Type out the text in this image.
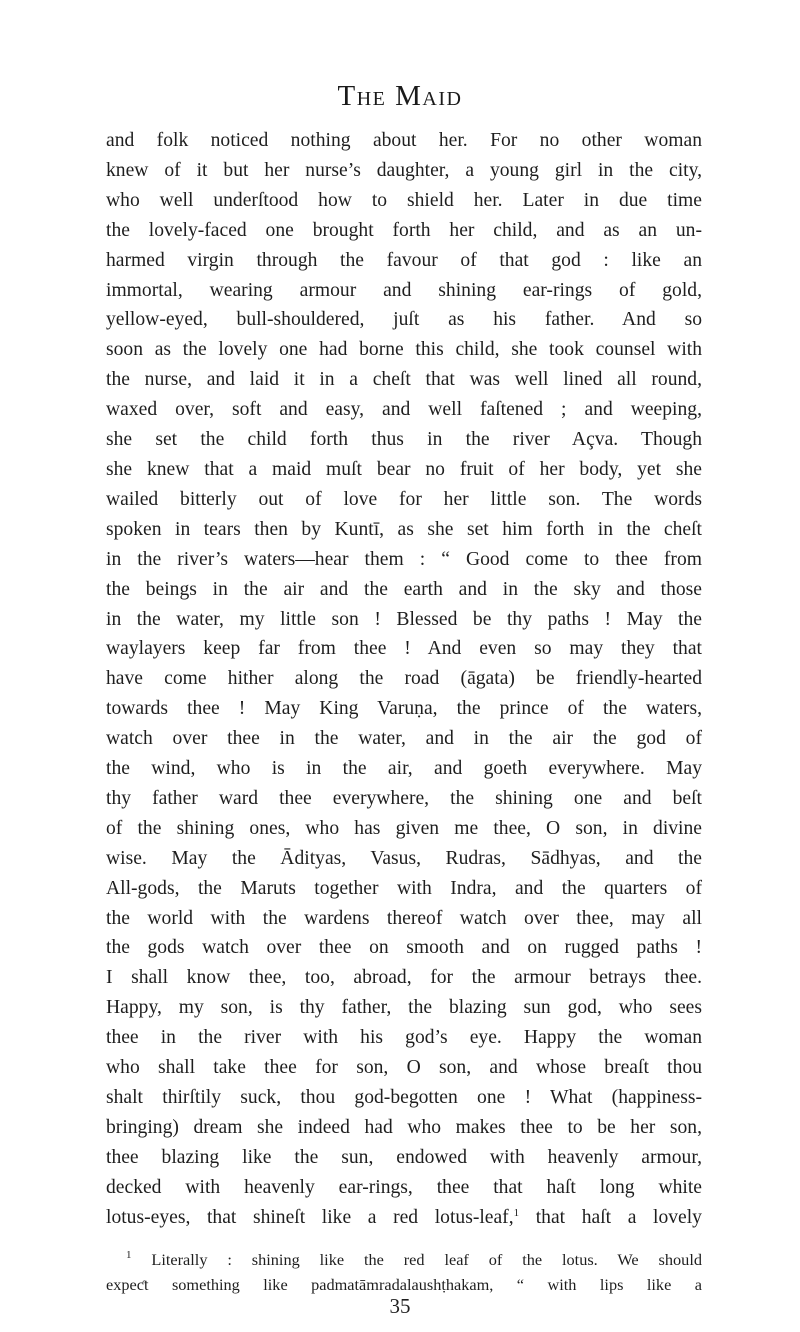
The Maid
and folk noticed nothing about her. For no other woman
knew of it but her nurse’s daughter, a young girl in the city,
who well underſtood how to shield her. Later in due time
the lovely-faced one brought forth her child, and as an un-
harmed virgin through the favour of that god : like an
immortal, wearing armour and shining ear-rings of gold,
yellow-eyed, bull-shouldered, juſt as his father. And so
soon as the lovely one had borne this child, she took counsel with
the nurse, and laid it in a cheſt that was well lined all round,
waxed over, soft and easy, and well faſtened ; and weeping,
she set the child forth thus in the river Açva. Though
she knew that a maid muſt bear no fruit of her body, yet she
wailed bitterly out of love for her little son. The words
spoken in tears then by Kuntī, as she set him forth in the cheſt
in the river’s waters—hear them : “ Good come to thee from
the beings in the air and the earth and in the sky and those
in the water, my little son ! Blessed be thy paths ! May the
waylayers keep far from thee ! And even so may they that
have come hither along the road (āgata) be friendly-hearted
towards thee ! May King Varuṇa, the prince of the waters,
watch over thee in the water, and in the air the god of
the wind, who is in the air, and goeth everywhere. May
thy father ward thee everywhere, the shining one and beſt
of the shining ones, who has given me thee, O son, in divine
wise. May the Ādityas, Vasus, Rudras, Sādhyas, and the
All-gods, the Maruts together with Indra, and the quarters of
the world with the wardens thereof watch over thee, may all
the gods watch over thee on smooth and on rugged paths !
I shall know thee, too, abroad, for the armour betrays thee.
Happy, my son, is thy father, the blazing sun god, who sees
thee in the river with his god’s eye. Happy the woman
who shall take thee for son, O son, and whose breaſt thou
shalt thirſtily suck, thou god-begotten one ! What (happiness-
bringing) dream she indeed had who makes thee to be her son,
thee blazing like the sun, endowed with heavenly armour,
decked with heavenly ear-rings, thee that haſt long white
lotus-eyes, that shineſt like a red lotus-leaf,$^1$ that haſt a lovely
$^1$ Literally : shining like the red leaf of the lotus. We should
expeƈt something like padmatāmradalaushṭhakam, “ with lips like a
35
